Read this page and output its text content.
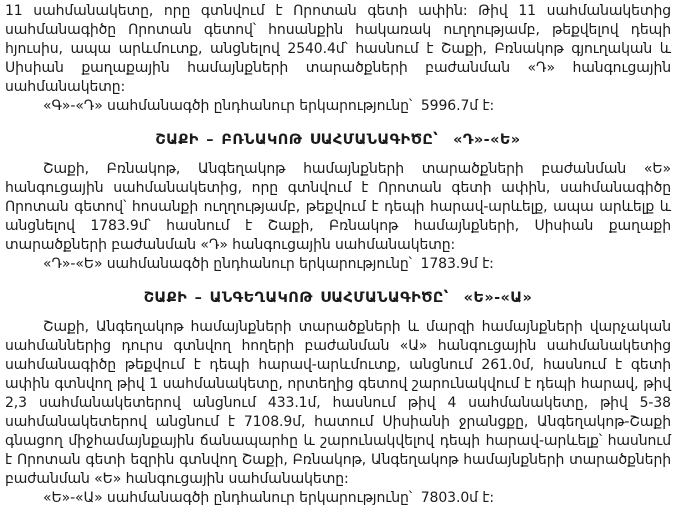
11 սահմանակետը, որը գտնվում է Որոտան գետի ափին: Թիվ 11 սահմանակետից սահմանագիծը Որոտան գետով՝ հոսանքին հակառակ ուղղությամբ, թեքվելով դեպի հյուսիս, ապա արևմուտք, անցնելով 2540.4մ՝ հասնում է Շաքի, Բռնակոթ գյուղական և Սիսիան քաղաքային համայնքների տարածքների բաժանման «Դ» հանգուցային սահմանակետը:

«Գ»-«Դ» սահմանագծի ընդհանուր երկարությունը՝  5996.7մ է:

ՇԱՔԻ – ԲՌՆԱԿՈԹ ՍԱՀՄԱՆԱԳԻԾԸ՝  «Դ»-«Ե»

Շաքի, Բռնակոթ, Անգեղակոթ համայնքների տարածքների բաժանման «Ե» հանգուցային սահմանակետից, որը գտնվում է Որոտան գետի ափին, սահմանագիծը Որոտան գետով՝ հոսանքի ուղղությամբ, թեքվում է դեպի հարավ-արևելք, ապա արևելք և անցնելով 1783.9մ՝ հասնում է Շաքի, Բռնակոթ համայնքների, Սիսիան քաղաքի տարածքների բաժանման «Դ» հանգուցային սահմանակետը:

«Դ»-«Ե» սահմանագծի ընդհանուր երկարությունը՝  1783.9մ է:

ՇԱՔԻ – ԱՆԳԵՂԱԿՈԹ ՍԱՀՄԱՆԱԳԻԾԸ՝  «Ե»-«Ա»

Շաքի, Անգեղակոթ համայնքների տարածքների և մարզի համայնքների վարչական սահմաններից դուրս գտնվող հողերի բաժանման «Ա» հանգուցային սահմանակետից սահմանագիծը թեքվում է դեպի հարավ-արևմուտք, անցնում 261.0մ, հասնում է գետի ափին գտնվող թիվ 1 սահմանակետը, որտեղից գետով շարունակվում է դեպի հարավ, թիվ 2,3 սահմանակետերով անցնում 433.1մ, հասնում թիվ 4 սահմանակետը, թիվ 5-38 սահմանակետերով անցնում է 7108.9մ, հատում Սիսիանի ջրանցքը, Անգեղակոթ-Շաքի գնացող միջհամայնքային ճանապարհը և շարունակվելով դեպի հարավ-արևելք՝ հասնում է Որոտան գետի եզրին գտնվող Շաքի, Բռնակոթ, Անգեղակոթ համայնքների տարածքների բաժանման «Ե» հանգուցային սահմանակետը:

«Ե»-«Ա» սահմանագծի ընդհանուր երկարությունը՝  7803.0մ է:
